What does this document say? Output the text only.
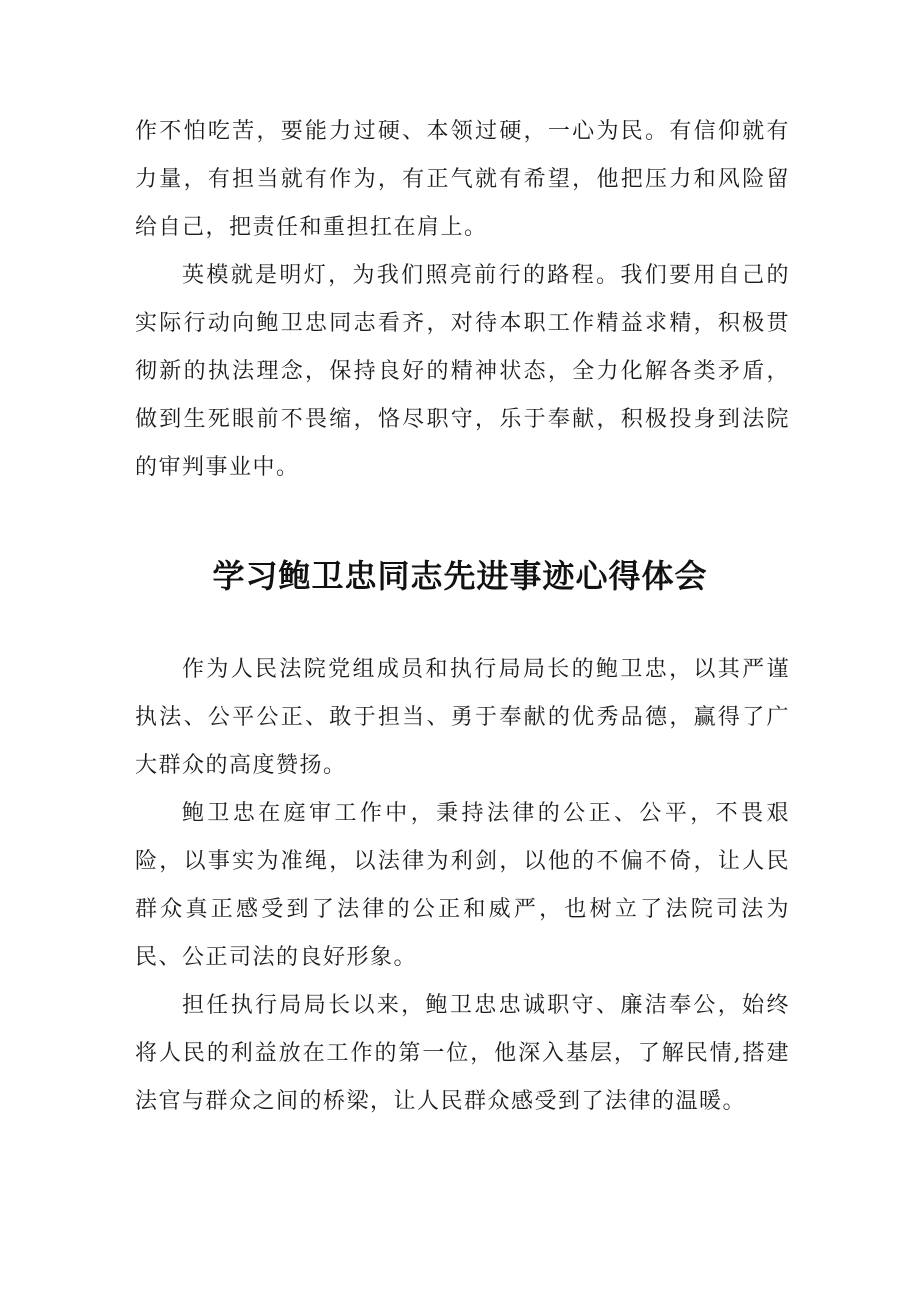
作不怕吃苦，要能力过硬、本领过硬，一心为民。有信仰就有力量，有担当就有作为，有正气就有希望，他把压力和风险留给自己，把责任和重担扛在肩上。

英模就是明灯，为我们照亮前行的路程。我们要用自己的实际行动向鲍卫忠同志看齐，对待本职工作精益求精，积极贯彻新的执法理念，保持良好的精神状态，全力化解各类矛盾，做到生死眼前不畏缩，恪尽职守，乐于奉献，积极投身到法院的审判事业中。

学习鲍卫忠同志先进事迹心得体会

作为人民法院党组成员和执行局局长的鲍卫忠，以其严谨执法、公平公正、敢于担当、勇于奉献的优秀品德，赢得了广大群众的高度赞扬。

鲍卫忠在庭审工作中，秉持法律的公正、公平，不畏艰险，以事实为准绳，以法律为利剑，以他的不偏不倚，让人民群众真正感受到了法律的公正和威严，也树立了法院司法为民、公正司法的良好形象。

担任执行局局长以来，鲍卫忠忠诚职守、廉洁奉公，始终将人民的利益放在工作的第一位，他深入基层，了解民情,搭建法官与群众之间的桥梁，让人民群众感受到了法律的温暖。
